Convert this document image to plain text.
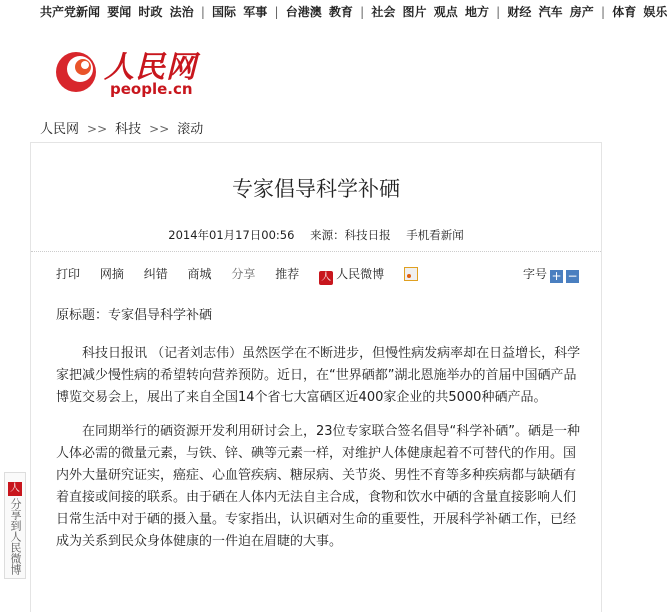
共产党新闻 要闻 时政 法治 | 国际 军事 | 台港澳 教育 | 社会 图片 观点 地方 | 财经 汽车 房产 | 体育 娱乐
人民网
people.cn
人民网 >> 科技 >> 滚动
专家倡导科学补硒
2014年01月17日00:56 来源：科技日报 手机看新闻
打印 网摘 纠错 商城 分享 推荐 人 人民微博	字号 + −

原标题：专家倡导科学补硒

科技日报讯 （记者刘志伟）虽然医学在不断进步，但慢性病发病率却在日益增长，科学家把减少慢性病的希望转向营养预防。近日，在“世界硒都”湖北恩施举办的首届中国硒产品博览交易会上，展出了来自全国14个省七大富硒区近400家企业的共5000种硒产品。

在同期举行的硒资源开发利用研讨会上，23位专家联合签名倡导“科学补硒”。硒是一种人体必需的微量元素，与铁、锌、碘等元素一样，对维护人体健康起着不可替代的作用。国内外大量研究证实，癌症、心血管疾病、糖尿病、关节炎、男性不育等多种疾病都与缺硒有着直接或间接的联系。由于硒在人体内无法自主合成，食物和饮水中硒的含量直接影响人们日常生活中对于硒的摄入量。专家指出，认识硒对生命的重要性，开展科学补硒工作，已经成为关系到民众身体健康的一件迫在眉睫的大事。

人
分享到人民微博
